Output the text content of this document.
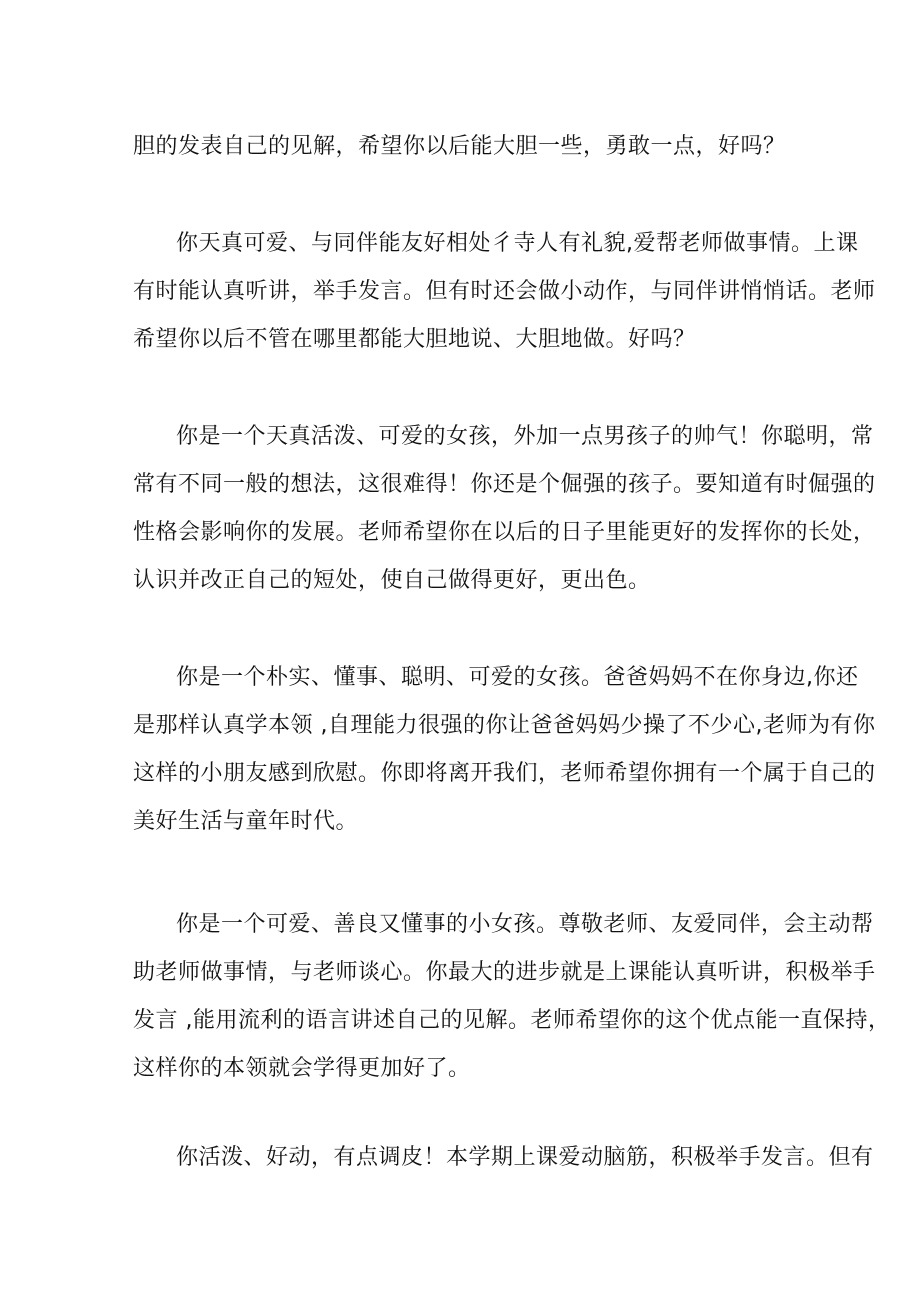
胆的发表自己的见解，希望你以后能大胆一些，勇敢一点，好吗？
你天真可爱、与同伴能友好相处彳寺人有礼貌,爱帮老师做事情。上课
有时能认真听讲，举手发言。但有时还会做小动作，与同伴讲悄悄话。老师
希望你以后不管在哪里都能大胆地说、大胆地做。好吗？
你是一个天真活泼、可爱的女孩，外加一点男孩子的帅气！你聪明，常
常有不同一般的想法，这很难得！你还是个倔强的孩子。要知道有时倔强的
性格会影响你的发展。老师希望你在以后的日子里能更好的发挥你的长处，
认识并改正自己的短处，使自己做得更好，更出色。
你是一个朴实、懂事、聪明、可爱的女孩。爸爸妈妈不在你身边,你还
是那样认真学本领 ,自理能力很强的你让爸爸妈妈少操了不少心,老师为有你
这样的小朋友感到欣慰。你即将离开我们，老师希望你拥有一个属于自己的
美好生活与童年时代。
你是一个可爱、善良又懂事的小女孩。尊敬老师、友爱同伴，会主动帮
助老师做事情，与老师谈心。你最大的进步就是上课能认真听讲，积极举手
发言 ,能用流利的语言讲述自己的见解。老师希望你的这个优点能一直保持，
这样你的本领就会学得更加好了。
你活泼、好动，有点调皮！本学期上课爱动脑筋，积极举手发言。但有
